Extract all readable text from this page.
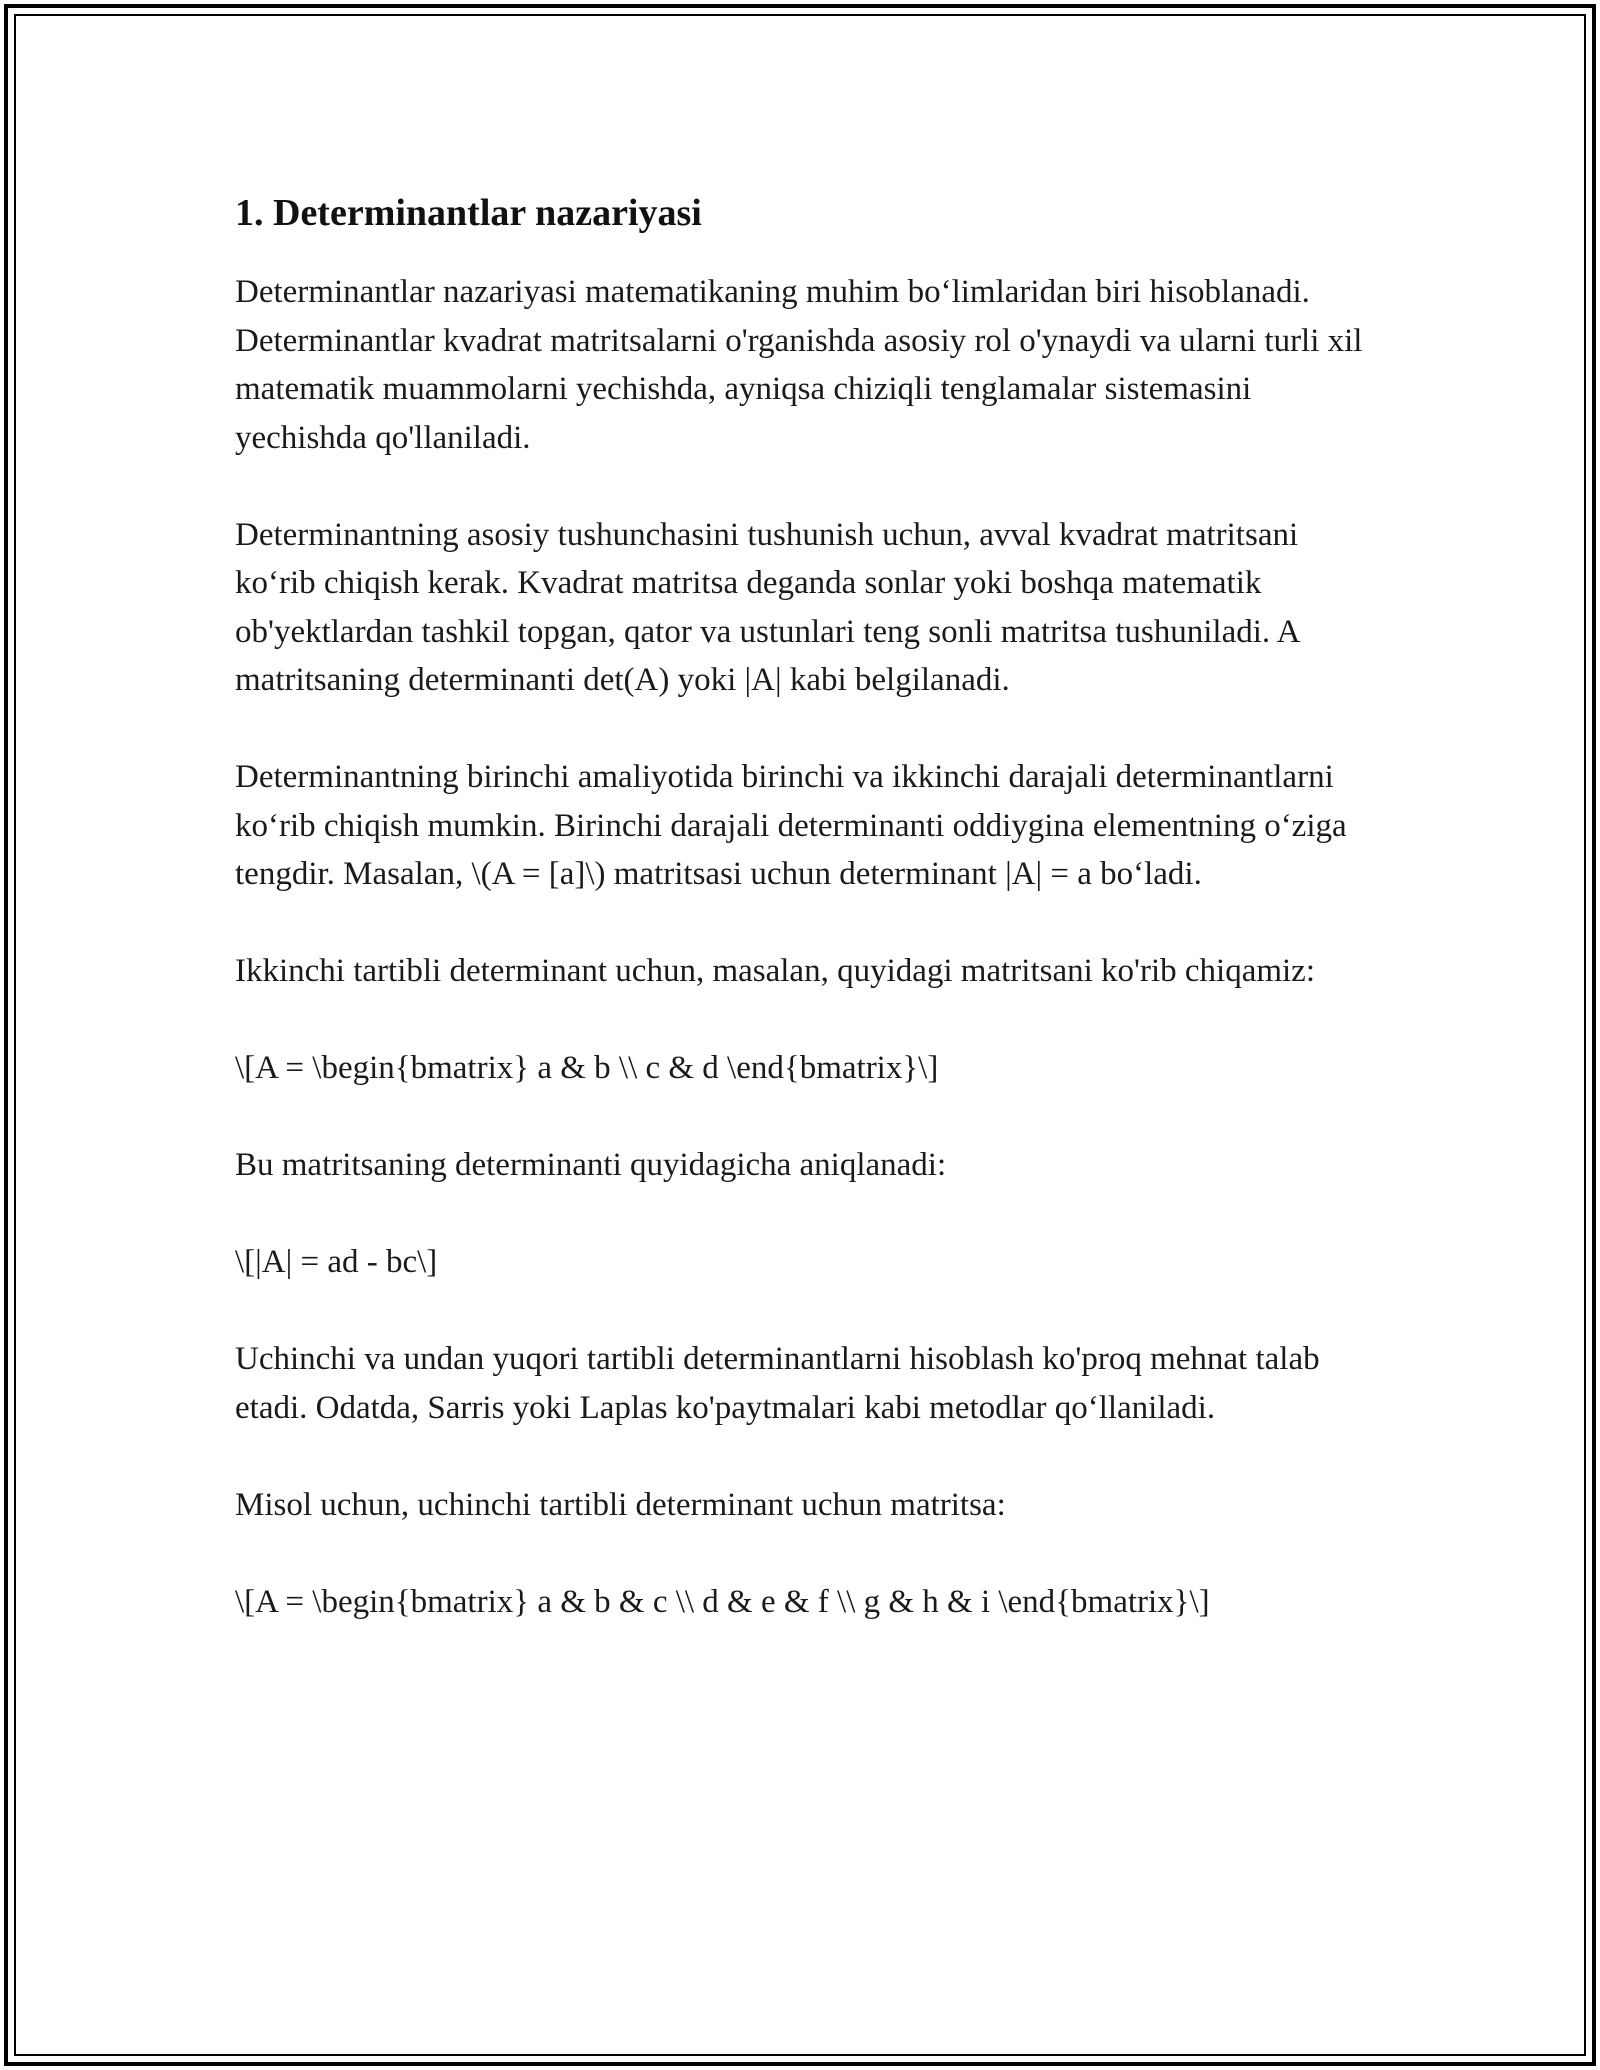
1. Determinantlar nazariyasi

Determinantlar nazariyasi matematikaning muhim bo‘limlaridan biri hisoblanadi. Determinantlar kvadrat matritsalarni o'rganishda asosiy rol o'ynaydi va ularni turli xil matematik muammolarni yechishda, ayniqsa chiziqli tenglamalar sistemasini yechishda qo'llaniladi.

Determinantning asosiy tushunchasini tushunish uchun, avval kvadrat matritsani ko‘rib chiqish kerak. Kvadrat matritsa deganda sonlar yoki boshqa matematik ob'yektlardan tashkil topgan, qator va ustunlari teng sonli matritsa tushuniladi. A matritsaning determinanti det(A) yoki |A| kabi belgilanadi.

Determinantning birinchi amaliyotida birinchi va ikkinchi darajali determinantlarni ko‘rib chiqish mumkin. Birinchi darajali determinanti oddiygina elementning o‘ziga tengdir. Masalan, \(A = [a]\) matritsasi uchun determinant |A| = a bo‘ladi.

Ikkinchi tartibli determinant uchun, masalan, quyidagi matritsani ko'rib chiqamiz:

\[A = \begin{bmatrix} a & b \\ c & d \end{bmatrix}\]

Bu matritsaning determinanti quyidagicha aniqlanadi:

\[|A| = ad - bc\]

Uchinchi va undan yuqori tartibli determinantlarni hisoblash ko'proq mehnat talab etadi. Odatda, Sarris yoki Laplas ko'paytmalari kabi metodlar qo‘llaniladi.

Misol uchun, uchinchi tartibli determinant uchun matritsa:

\[A = \begin{bmatrix} a & b & c \\ d & e & f \\ g & h & i \end{bmatrix}\]
